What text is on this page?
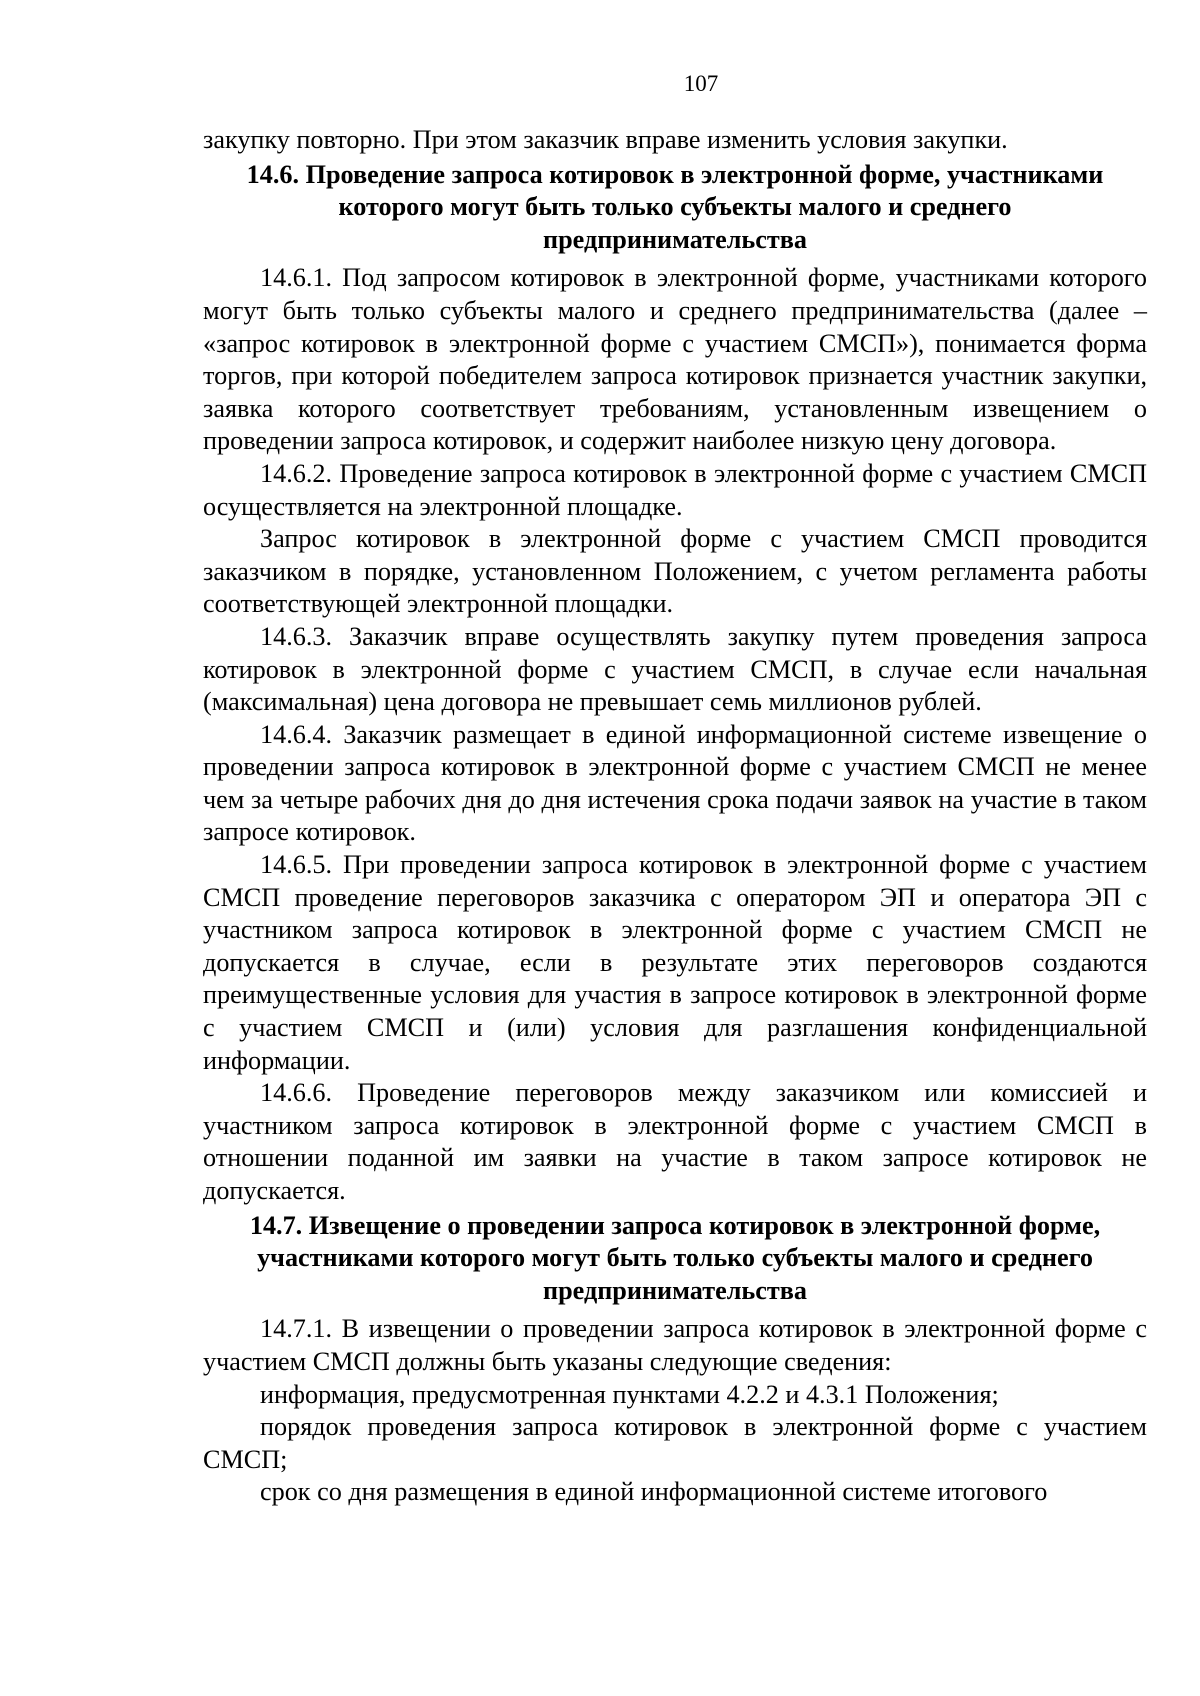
107

закупку повторно. При этом заказчик вправе изменить условия закупки.

14.6. Проведение запроса котировок в электронной форме, участниками
которого могут быть только субъекты малого и среднего
предпринимательства

14.6.1. Под запросом котировок в электронной форме, участниками которого могут быть только субъекты малого и среднего предпринимательства (далее – «запрос котировок в электронной форме с участием СМСП»), понимается форма торгов, при которой победителем запроса котировок признается участник закупки, заявка которого соответствует требованиям, установленным извещением о проведении запроса котировок, и содержит наиболее низкую цену договора.

14.6.2. Проведение запроса котировок в электронной форме с участием СМСП осуществляется на электронной площадке.

Запрос котировок в электронной форме с участием СМСП проводится заказчиком в порядке, установленном Положением, с учетом регламента работы соответствующей электронной площадки.

14.6.3. Заказчик вправе осуществлять закупку путем проведения запроса котировок в электронной форме с участием СМСП, в случае если начальная (максимальная) цена договора не превышает семь миллионов рублей.

14.6.4. Заказчик размещает в единой информационной системе извещение о проведении запроса котировок в электронной форме с участием СМСП не менее чем за четыре рабочих дня до дня истечения срока подачи заявок на участие в таком запросе котировок.

14.6.5. При проведении запроса котировок в электронной форме с участием СМСП проведение переговоров заказчика с оператором ЭП и оператора ЭП с участником запроса котировок в электронной форме с участием СМСП не допускается в случае, если в результате этих переговоров создаются преимущественные условия для участия в запросе котировок в электронной форме с участием СМСП и (или) условия для разглашения конфиденциальной информации.

14.6.6. Проведение переговоров между заказчиком или комиссией и участником запроса котировок в электронной форме с участием СМСП в отношении поданной им заявки на участие в таком запросе котировок не допускается.

14.7. Извещение о проведении запроса котировок в электронной форме,
участниками которого могут быть только субъекты малого и среднего
предпринимательства

14.7.1. В извещении о проведении запроса котировок в электронной форме с участием СМСП должны быть указаны следующие сведения:

информация, предусмотренная пунктами 4.2.2 и 4.3.1 Положения;

порядок проведения запроса котировок в электронной форме с участием СМСП;

срок со дня размещения в единой информационной системе итогового
